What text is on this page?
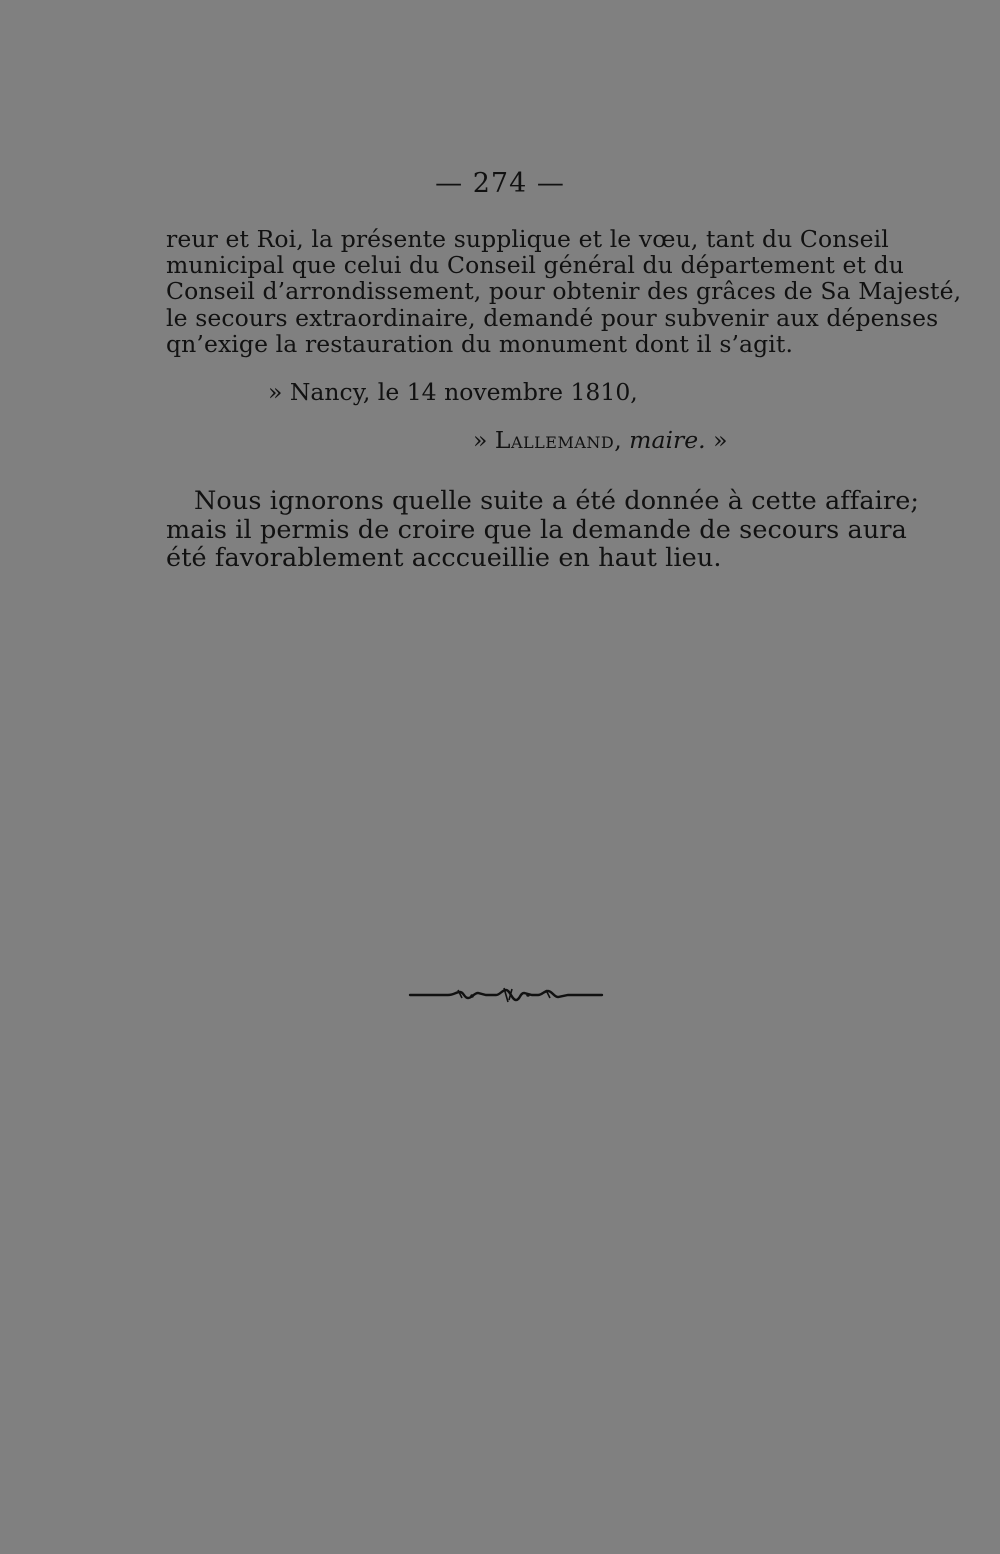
— 274 —

reur et Roi, la présente supplique et le vœu, tant du Conseil
municipal que celui du Conseil général du département et du
Conseil d’arrondissement, pour obtenir des grâces de Sa Majesté,
le secours extraordinaire, demandé pour subvenir aux dépenses
qn’exige la restauration du monument dont il s’agit.

» Nancy, le 14 novembre 1810,
» Lallemand, maire. »

Nous ignorons quelle suite a été donnée à cette affaire;
mais il permis de croire que la demande de secours aura
été favorablement acccueillie en haut lieu.
